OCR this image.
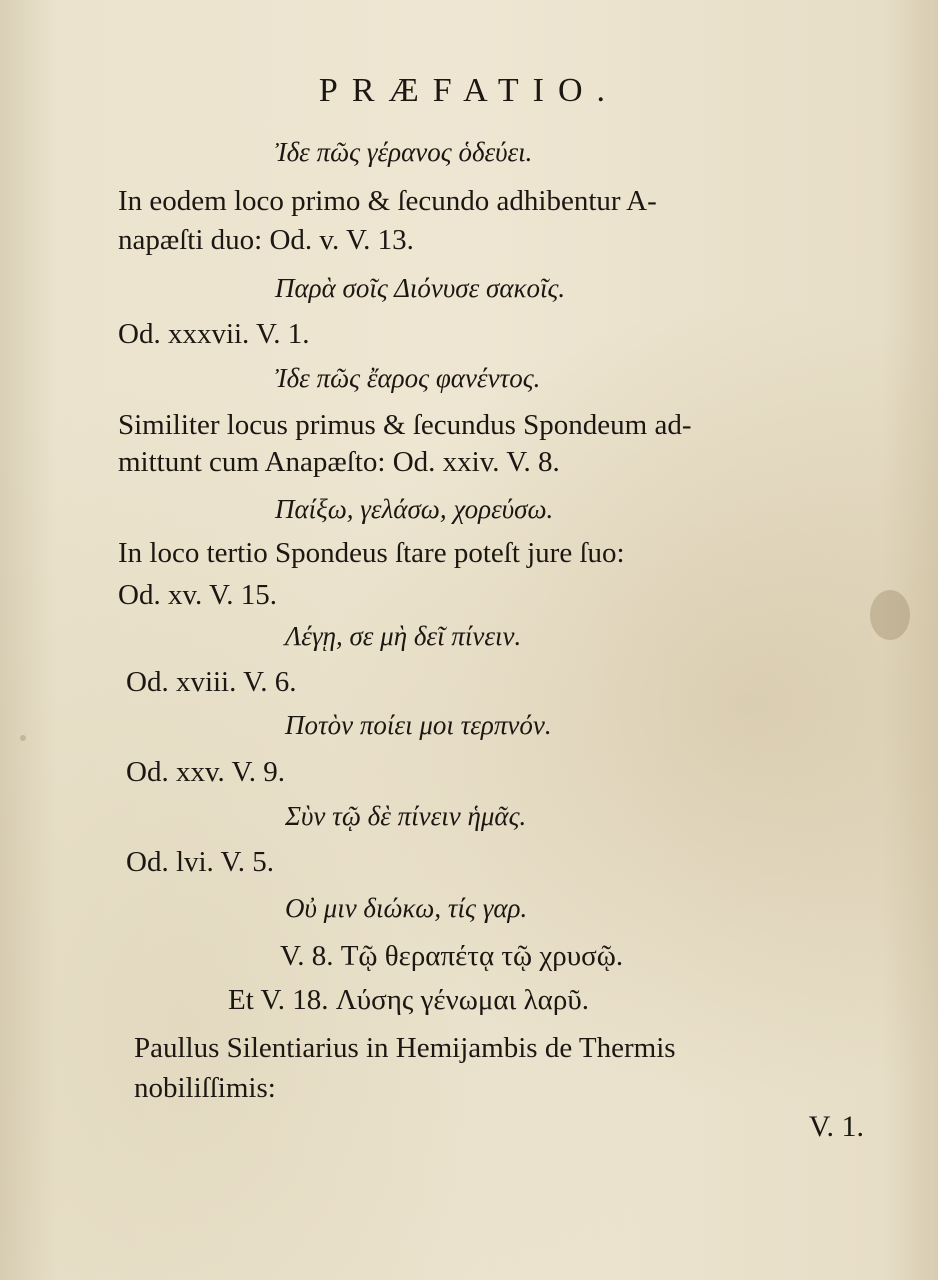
PRÆFATIO.
Ἰδε πῶς γέρανος ὁδεύει.
In eodem loco primo & ſecundo adhibentur A-
napæſti duo: Od. v. V. 13.
Παρὰ σοῖς Διόνυσε σακοῖς.
Od. xxxvii. V. 1.
Ἰδε πῶς ἔαρος φανέντος.
Similiter locus primus & ſecundus Spondeum ad-
mittunt cum Anapæſto: Od. xxiv. V. 8.
Παίξω, γελάσω, χορεύσω.
In loco tertio Spondeus ſtare poteſt jure ſuo:
Od. xv. V. 15.
Λέγῃ, σε μὴ δεῖ πίνειν.
Od. xviii. V. 6.
Ποτὸν ποίει μοι τερπνόν.
Od. xxv. V. 9.
Σὺν τῷ δὲ πίνειν ἡμᾶς.
Od. lvi. V. 5.
Οὐ μιν διώκω, τίς γαρ.
V. 8. Τῷ θεραπέτᾳ τῷ χρυσῷ.
Et V. 18. Λύσης γένωμαι λαρῦ.
Paullus Silentiarius in Hemijambis de Thermis
nobiliſſimis:
V. 1.
